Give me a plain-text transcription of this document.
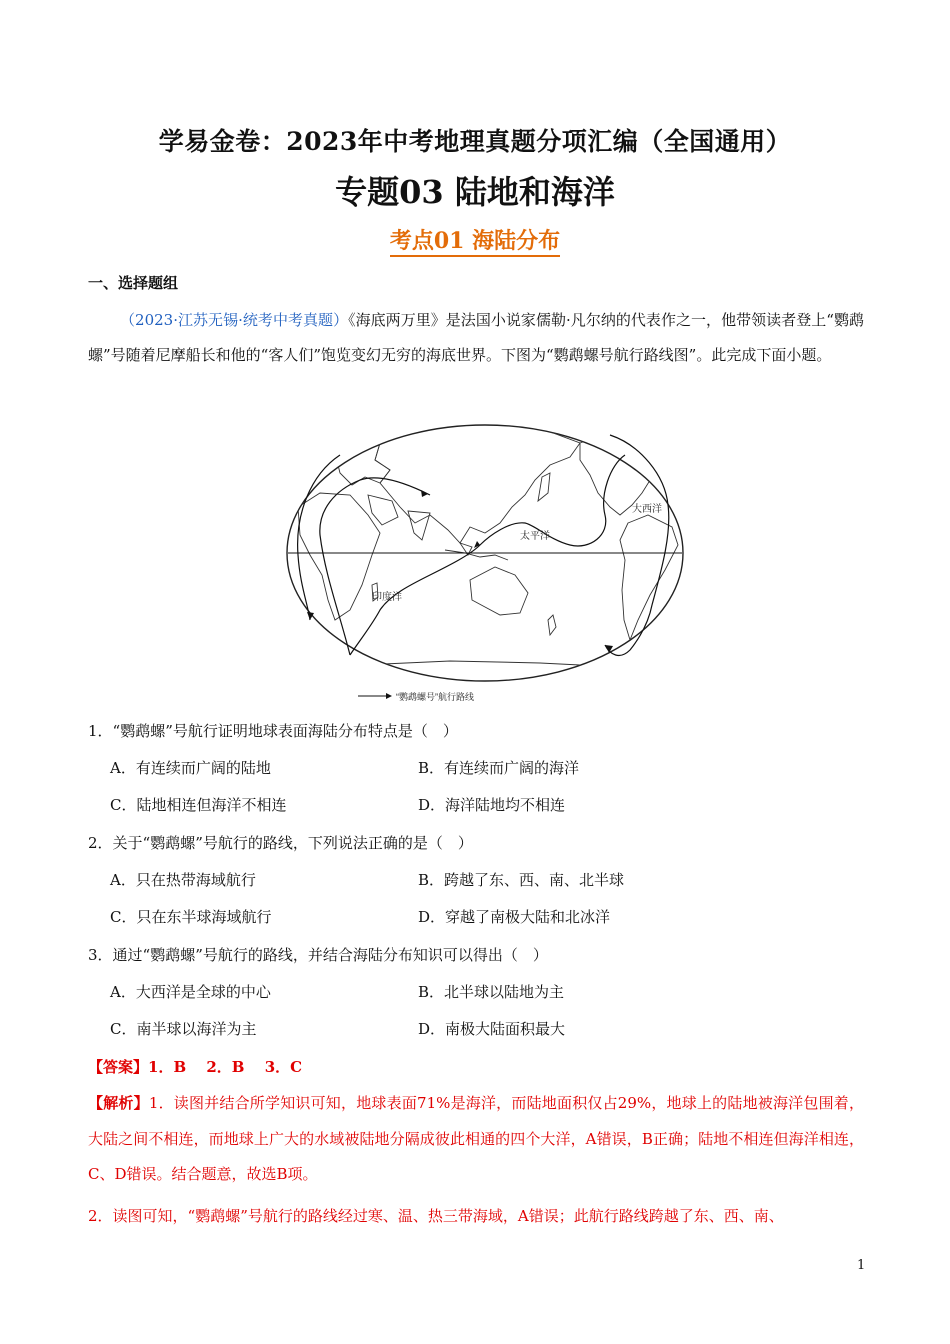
学易金卷：2023年中考地理真题分项汇编（全国通用）
专题03 陆地和海洋
考点01 海陆分布
一、选择题组
（2023·江苏无锡·统考中考真题）《海底两万里》是法国小说家儒勒·凡尔纳的代表作之一，他带领读者登上“鹦鹉螺”号随着尼摩船长和他的“客人们”饱览变幻无穷的海底世界。下图为“鹦鹉螺号航行路线图”。此完成下面小题。
大西洋
太平洋
印度洋
“鹦鹉螺号”航行路线
1．“鹦鹉螺”号航行证明地球表面海陆分布特点是（　）
A．有连续而广阔的陆地	B．有连续而广阔的海洋
C．陆地相连但海洋不相连	D．海洋陆地均不相连
2．关于“鹦鹉螺”号航行的路线，下列说法正确的是（　）
A．只在热带海域航行	B．跨越了东、西、南、北半球
C．只在东半球海域航行	D．穿越了南极大陆和北冰洋
3．通过“鹦鹉螺”号航行的路线，并结合海陆分布知识可以得出（　）
A．大西洋是全球的中心	B．北半球以陆地为主
C．南半球以海洋为主	D．南极大陆面积最大
【答案】1．B　 2．B　 3．C
【解析】1．读图并结合所学知识可知，地球表面71%是海洋，而陆地面积仅占29%，地球上的陆地被海洋包围着，大陆之间不相连，而地球上广大的水域被陆地分隔成彼此相通的四个大洋，A错误，B正确；陆地不相连但海洋相连，C、D错误。结合题意，故选B项。
2．读图可知，“鹦鹉螺”号航行的路线经过寒、温、热三带海域，A错误；此航行路线跨越了东、西、南、
1
